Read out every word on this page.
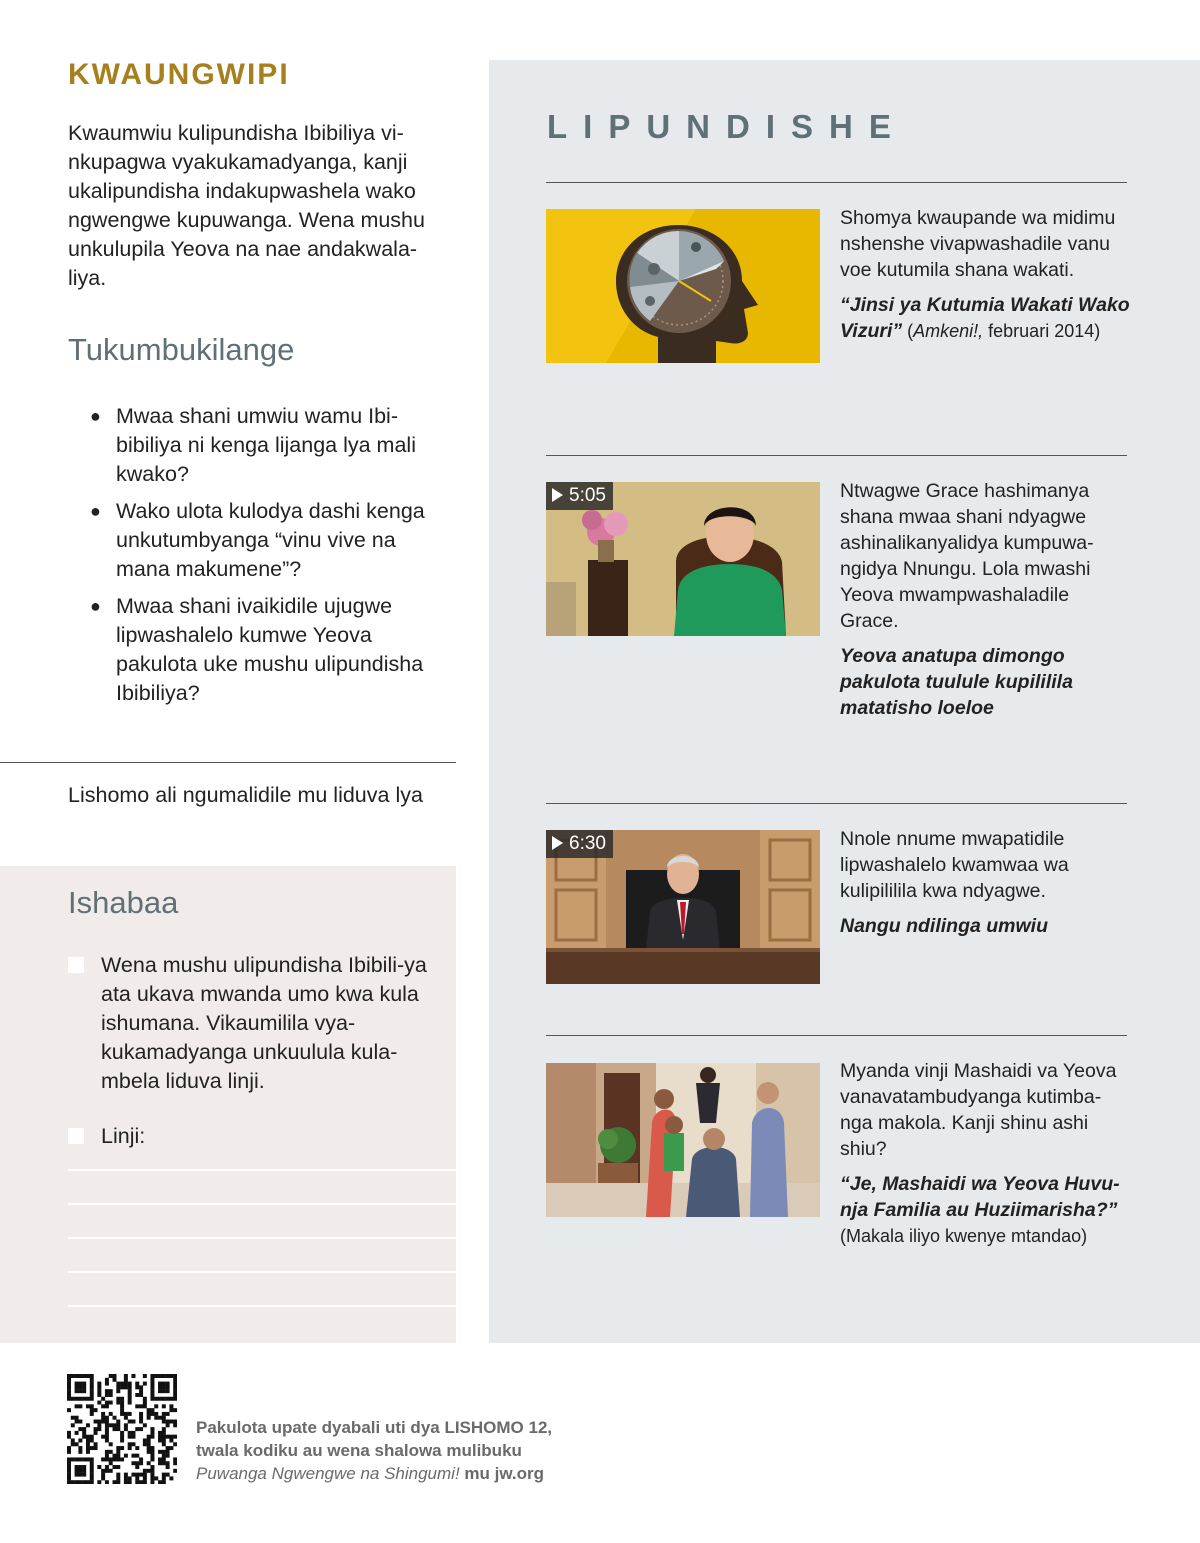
KWAUNGWIPI
Kwaumwiu kulipundisha Ibibiliya vi-nkupagwa vyakukamadyanga, kanji ukalipundisha indakupwashela wako ngwengwe kupuwanga. Wena mushu unkulupila Yeova na nae andakwala-liya.
Tukumbukilange
● Mwaa shani umwiu wamu Ibi-bibiliya ni kenga lijanga lya mali kwako?
● Wako ulota kulodya dashi kenga unkutumbyanga “vinu vive na mana makumene”?
● Mwaa shani ivaikidile ujugwe lipwashalelo kumwe Yeova pakulota uke mushu ulipundisha Ibibiliya?
Lishomo ali ngumalidile mu liduva lya
Ishabaa
Wena mushu ulipundisha Ibibili-ya ata ukava mwanda umo kwa kula ishumana. Vikaumilila vya-kukamadyanga unkuulula kula-mbela liduva linji.
Linji:
LIPUNDISHE
Shomya kwaupande wa midimu nshenshe vivapwashadile vanu voe kutumila shana wakati.
“Jinsi ya Kutumia Wakati Wako Vizuri” (Amkeni!, februari 2014)
5:05	Ntwagwe Grace hashimanya shana mwaa shani ndyagwe ashinalikanyalidya kumpuwa-ngidya Nnungu. Lola mwashi Yeova mwampwashaladile Grace.
Yeova anatupa dimongo pakulota tuulule kupililila matatisho loeloe
6:30	Nnole nnume mwapatidile lipwashalelo kwamwaa wa kulipililila kwa ndyagwe.
Nangu ndilinga umwiu
Myanda vinji Mashaidi va Yeova vanavatambudyanga kutimba-nga makola. Kanji shinu ashi shiu?
“Je, Mashaidi wa Yeova Huvu-nja Familia au Huziimarisha?”
(Makala iliyo kwenye mtandao)
Pakulota upate dyabali uti dya LISHOMO 12,
twala kodiku au wena shalowa mulibuku
Puwanga Ngwengwe na Shingumi! mu jw.org
